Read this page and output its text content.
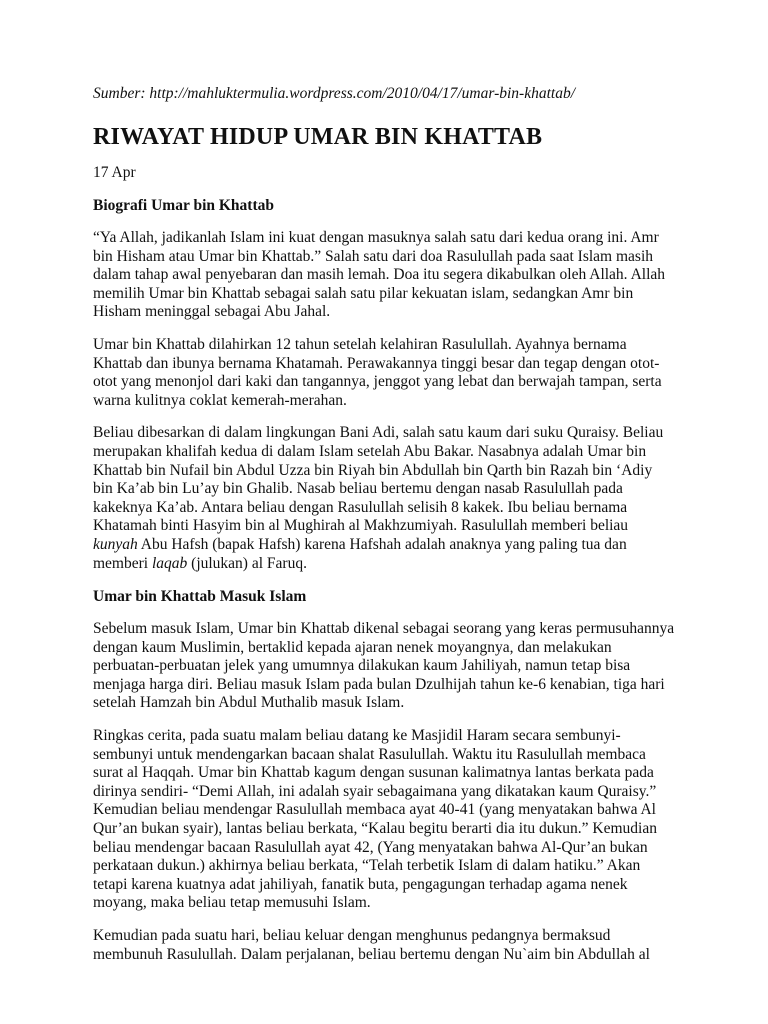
Sumber: http://mahluktermulia.wordpress.com/2010/04/17/umar-bin-khattab/

RIWAYAT HIDUP UMAR BIN KHATTAB

17 Apr

Biografi Umar bin Khattab

“Ya Allah, jadikanlah Islam ini kuat dengan masuknya salah satu dari kedua orang ini. Amr
bin Hisham atau Umar bin Khattab.” Salah satu dari doa Rasulullah pada saat Islam masih
dalam tahap awal penyebaran dan masih lemah. Doa itu segera dikabulkan oleh Allah. Allah
memilih Umar bin Khattab sebagai salah satu pilar kekuatan islam, sedangkan Amr bin
Hisham meninggal sebagai Abu Jahal.

Umar bin Khattab dilahirkan 12 tahun setelah kelahiran Rasulullah. Ayahnya bernama
Khattab dan ibunya bernama Khatamah. Perawakannya tinggi besar dan tegap dengan otot-
otot yang menonjol dari kaki dan tangannya, jenggot yang lebat dan berwajah tampan, serta
warna kulitnya coklat kemerah-merahan.

Beliau dibesarkan di dalam lingkungan Bani Adi, salah satu kaum dari suku Quraisy. Beliau
merupakan khalifah kedua di dalam Islam setelah Abu Bakar. Nasabnya adalah Umar bin
Khattab bin Nufail bin Abdul Uzza bin Riyah bin Abdullah bin Qarth bin Razah bin ‘Adiy
bin Ka’ab bin Lu’ay bin Ghalib. Nasab beliau bertemu dengan nasab Rasulullah pada
kakeknya Ka’ab. Antara beliau dengan Rasulullah selisih 8 kakek. Ibu beliau bernama
Khatamah binti Hasyim bin al Mughirah al Makhzumiyah. Rasulullah memberi beliau
kunyah Abu Hafsh (bapak Hafsh) karena Hafshah adalah anaknya yang paling tua dan
memberi laqab (julukan) al Faruq.

Umar bin Khattab Masuk Islam

Sebelum masuk Islam, Umar bin Khattab dikenal sebagai seorang yang keras permusuhannya
dengan kaum Muslimin, bertaklid kepada ajaran nenek moyangnya, dan melakukan
perbuatan-perbuatan jelek yang umumnya dilakukan kaum Jahiliyah, namun tetap bisa
menjaga harga diri. Beliau masuk Islam pada bulan Dzulhijah tahun ke-6 kenabian, tiga hari
setelah Hamzah bin Abdul Muthalib masuk Islam.

Ringkas cerita, pada suatu malam beliau datang ke Masjidil Haram secara sembunyi-
sembunyi untuk mendengarkan bacaan shalat Rasulullah. Waktu itu Rasulullah membaca
surat al Haqqah. Umar bin Khattab kagum dengan susunan kalimatnya lantas berkata pada
dirinya sendiri- “Demi Allah, ini adalah syair sebagaimana yang dikatakan kaum Quraisy.”
Kemudian beliau mendengar Rasulullah membaca ayat 40-41 (yang menyatakan bahwa Al
Qur’an bukan syair), lantas beliau berkata, “Kalau begitu berarti dia itu dukun.” Kemudian
beliau mendengar bacaan Rasulullah ayat 42, (Yang menyatakan bahwa Al-Qur’an bukan
perkataan dukun.) akhirnya beliau berkata, “Telah terbetik Islam di dalam hatiku.” Akan
tetapi karena kuatnya adat jahiliyah, fanatik buta, pengagungan terhadap agama nenek
moyang, maka beliau tetap memusuhi Islam.

Kemudian pada suatu hari, beliau keluar dengan menghunus pedangnya bermaksud
membunuh Rasulullah. Dalam perjalanan, beliau bertemu dengan Nu`aim bin Abdullah al
